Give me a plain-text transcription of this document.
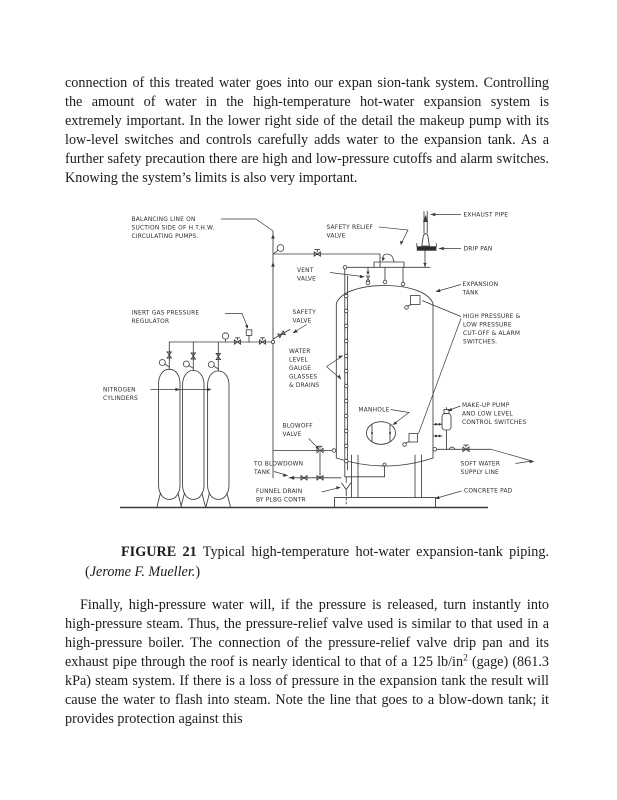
connection of this treated water goes into our expan sion-tank system. Controlling the amount of water in the high-temperature hot-water expansion system is extremely important. In the lower right side of the detail the makeup pump with its low-level switches and controls carefully adds water to the expansion tank. As a further safety precaution there are high and low-pressure cutoffs and alarm switches. Knowing the system’s limits is also very important.

BALANCING LINE ON
SUCTION SIDE OF H.T.H.W.
CIRCULATING PUMPS.
INERT GAS PRESSURE
REGULATOR
NITROGEN
CYLINDERS
VENT
VALVE
SAFETY
VALVE
SAFETY RELIEF
VALVE
EXHAUST PIPE
DRIP PAN
EXPANSION
TANK
HIGH PRESSURE &
LOW PRESSURE
CUT-OFF & ALARM
SWITCHES.
WATER
LEVEL
GAUGE
GLASSES
& DRAINS
MANHOLE
MAKE-UP PUMP
AND LOW LEVEL
CONTROL SWITCHES
BLOWOFF
VALVE
TO BLOWDOWN
TANK
SOFT WATER
SUPPLY LINE
FUNNEL DRAIN
BY PLBG CONTR
CONCRETE PAD

FIGURE 21 Typical high-temperature hot-water expansion-tank piping. (Jerome F. Mueller.)

Finally, high-pressure water will, if the pressure is released, turn instantly into high-pressure steam. Thus, the pressure-relief valve used is similar to that used in a high-pressure boiler. The connection of the pressure-relief valve drip pan and its exhaust pipe through the roof is nearly identical to that of a 125 $lb/in^2$ (gage) (861.3 kPa) steam system. If there is a loss of pressure in the expansion tank the result will cause the water to flash into steam. Note the line that goes to a blow-down tank; it provides protection against this
